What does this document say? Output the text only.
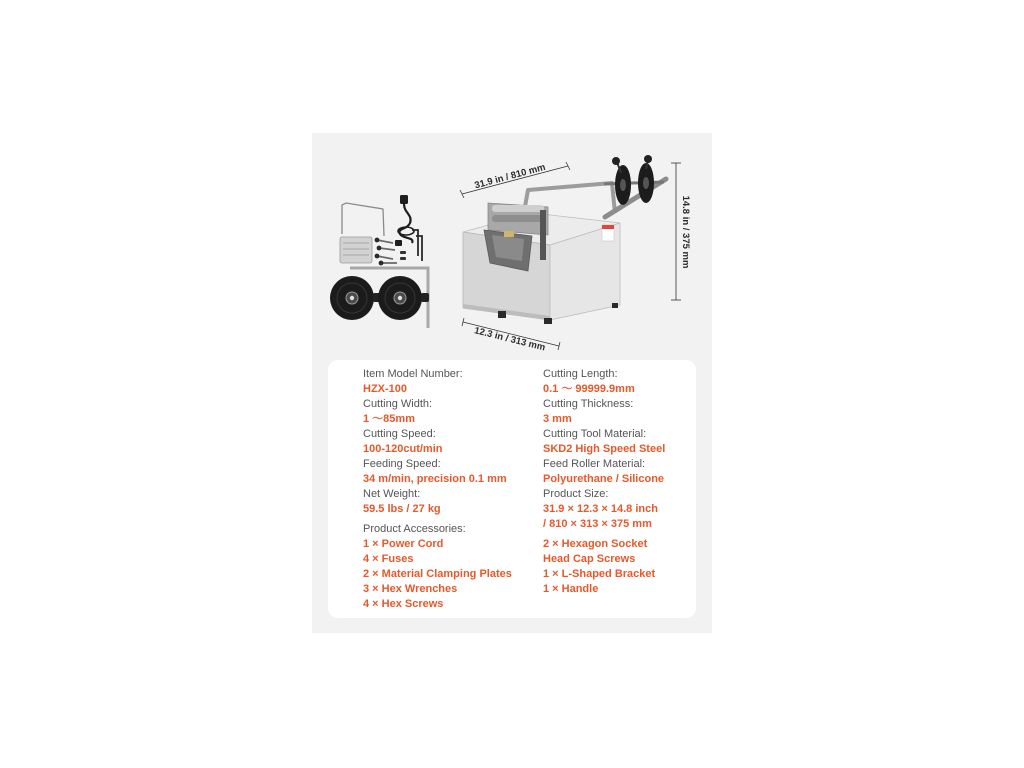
31.9 in / 810 mm
14.8 in / 375 mm
12.3 in / 313 mm
Item Model Number:
HZX-100
Cutting Width:
1 ～85mm
Cutting Speed:
100-120cut/min
Feeding Speed:
34 m/min, precision 0.1 mm
Net Weight:
59.5 lbs / 27 kg
Product Accessories:
1 × Power Cord
4 × Fuses
2 × Material Clamping Plates
3 × Hex Wrenches
4 × Hex Screws
Cutting Length:
0.1 ～ 99999.9mm
Cutting Thickness:
3 mm
Cutting Tool Material:
SKD2 High Speed Steel
Feed Roller Material:
Polyurethane / Silicone
Product Size:
31.9 × 12.3 × 14.8 inch
/ 810 × 313 × 375 mm
2 × Hexagon Socket
Head Cap Screws
1 × L-Shaped Bracket
1 × Handle
